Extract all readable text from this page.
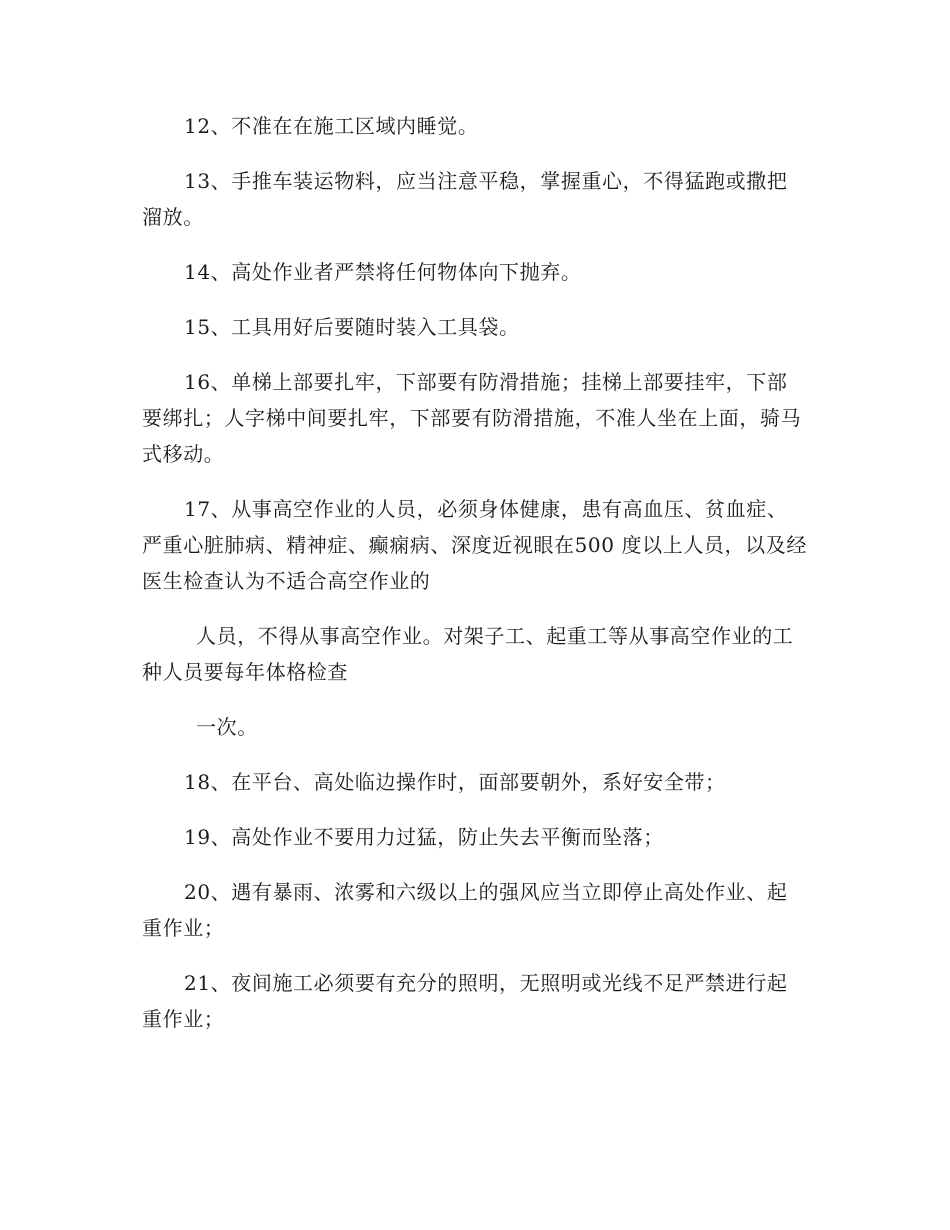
12、不准在在施工区域内睡觉。

13、手推车装运物料，应当注意平稳，掌握重心，不得猛跑或撒把溜放。

14、高处作业者严禁将任何物体向下抛弃。

15、工具用好后要随时装入工具袋。

16、单梯上部要扎牢，下部要有防滑措施；挂梯上部要挂牢，下部要绑扎；人字梯中间要扎牢，下部要有防滑措施，不准人坐在上面，骑马式移动。

17、从事高空作业的人员，必须身体健康，患有高血压、贫血症、严重心脏肺病、精神症、癫痫病、深度近视眼在500 度以上人员，以及经医生检查认为不适合高空作业的

人员，不得从事高空作业。对架子工、起重工等从事高空作业的工种人员要每年体格检查

一次。

18、在平台、高处临边操作时，面部要朝外，系好安全带；

19、高处作业不要用力过猛，防止失去平衡而坠落；

20、遇有暴雨、浓雾和六级以上的强风应当立即停止高处作业、起重作业；

21、夜间施工必须要有充分的照明，无照明或光线不足严禁进行起重作业；
